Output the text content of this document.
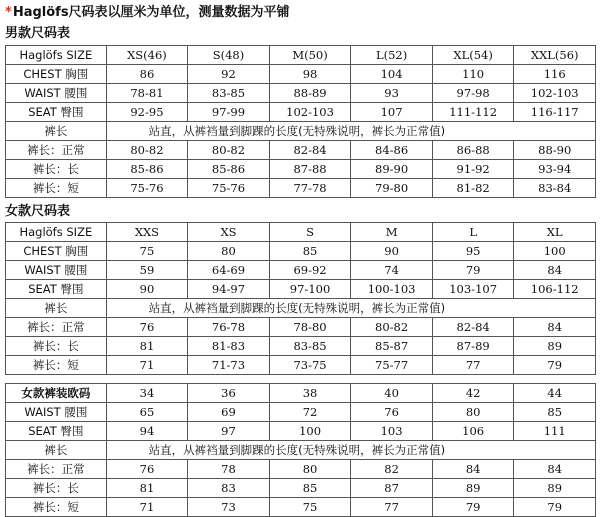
*Haglöfs尺码表以厘米为单位，测量数据为平铺
男款尺码表
Haglöfs SIZE	XS(46)	S(48)	M(50)	L(52)	XL(54)	XXL(56)
CHEST 胸围	86	92	98	104	110	116
WAIST 腰围	78-81	83-85	88-89	93	97-98	102-103
SEAT 臀围	92-95	97-99	102-103	107	111-112	116-117
裤长	站直，从裤裆量到脚踝的长度(无特殊说明，裤长为正常值)					
裤长：正常	80-82	80-82	82-84	84-86	86-88	88-90
裤长：长	85-86	85-86	87-88	89-90	91-92	93-94
裤长：短	75-76	75-76	77-78	79-80	81-82	83-84
女款尺码表
Haglöfs SIZE	XXS	XS	S	M	L	XL
CHEST 胸围	75	80	85	90	95	100
WAIST 腰围	59	64-69	69-92	74	79	84
SEAT 臀围	90	94-97	97-100	100-103	103-107	106-112
裤长	站直，从裤裆量到脚踝的长度(无特殊说明，裤长为正常值)					
裤长：正常	76	76-78	78-80	80-82	82-84	84
裤长：长	81	81-83	83-85	85-87	87-89	89
裤长：短	71	71-73	73-75	75-77	77	79
女款裤装欧码	34	36	38	40	42	44
WAIST 腰围	65	69	72	76	80	85
SEAT 臀围	94	97	100	103	106	111
裤长	站直，从裤裆量到脚踝的长度(无特殊说明，裤长为正常值)					
裤长：正常	76	78	80	82	84	84
裤长：长	81	83	85	87	89	89
裤长：短	71	73	75	77	79	79
